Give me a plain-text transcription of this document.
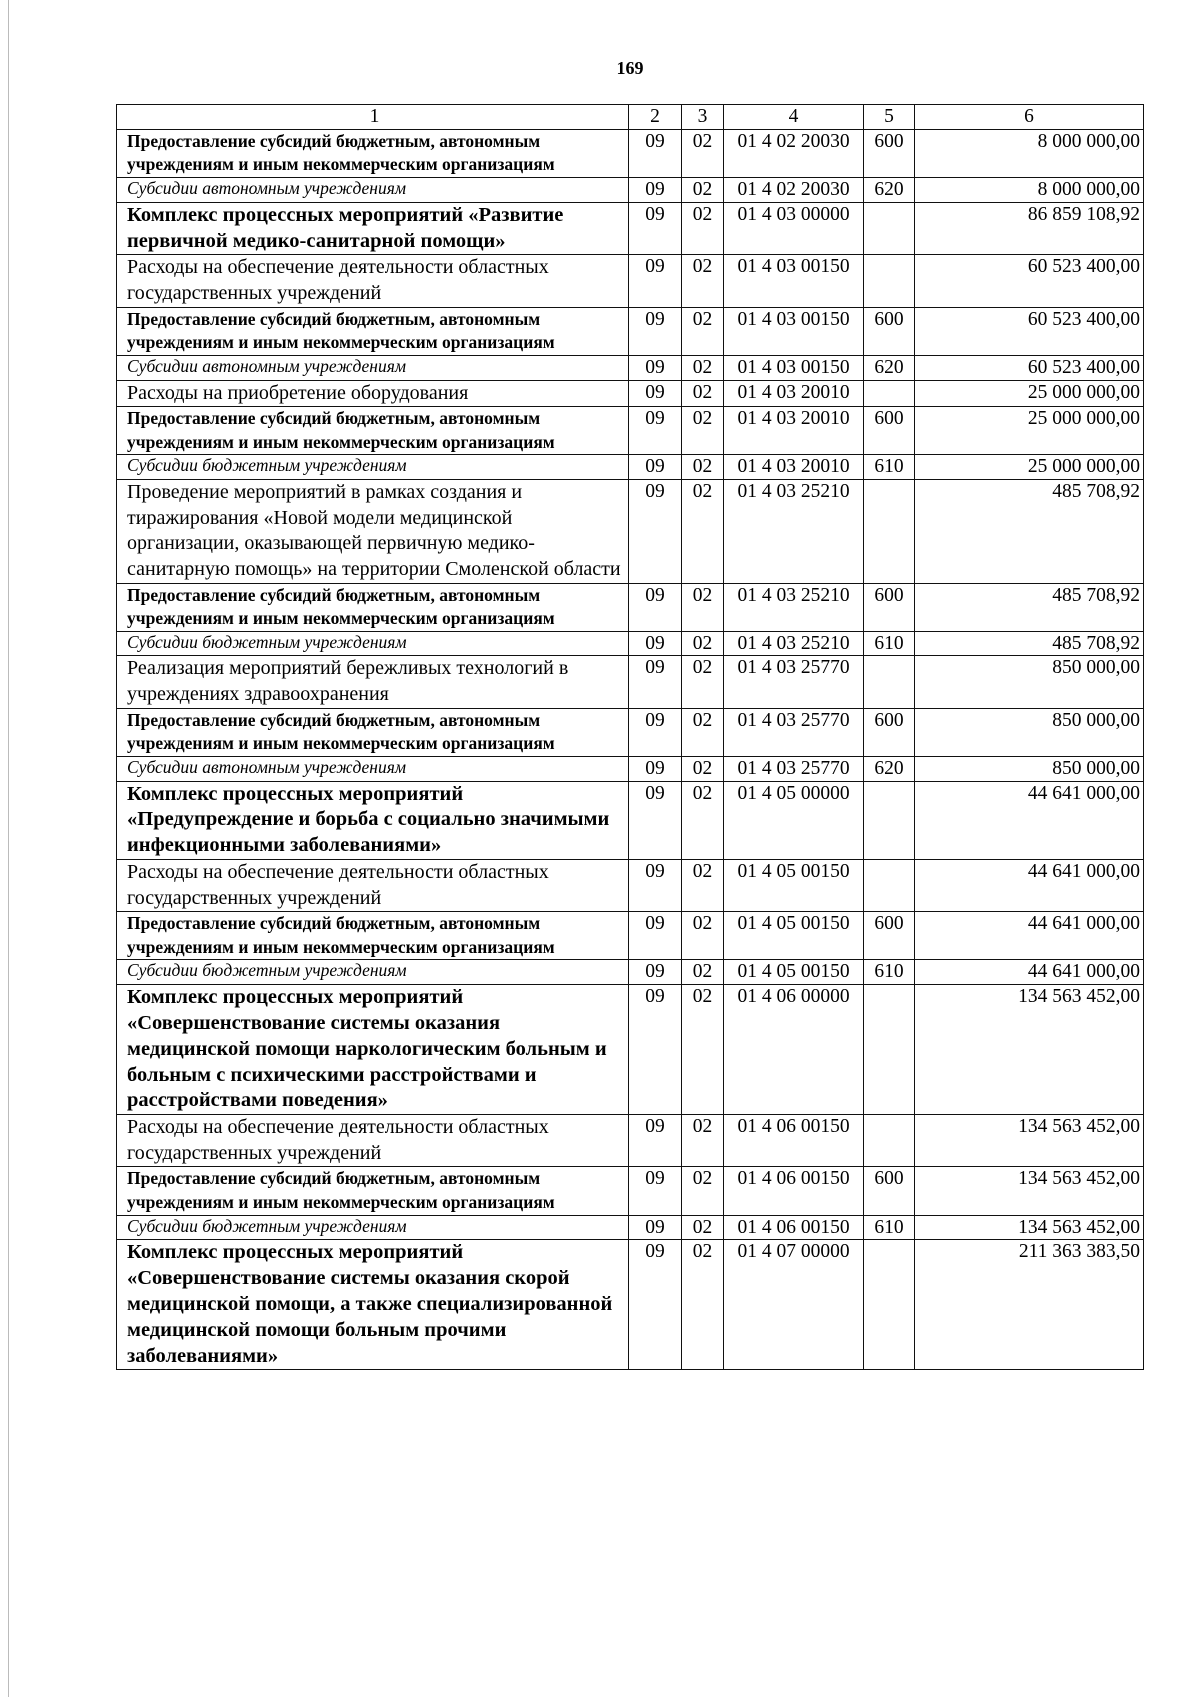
169
1	2	3	4	5	6
Предоставление субсидий бюджетным, автономным учреждениям и иным некоммерческим организациям	09	02	01 4 02 20030	600	8 000 000,00
Субсидии автономным учреждениям	09	02	01 4 02 20030	620	8 000 000,00
Комплекс процессных мероприятий «Развитие первичной медико-санитарной помощи»	09	02	01 4 03 00000		86 859 108,92
Расходы на обеспечение деятельности областных государственных учреждений	09	02	01 4 03 00150		60 523 400,00
Предоставление субсидий бюджетным, автономным учреждениям и иным некоммерческим организациям	09	02	01 4 03 00150	600	60 523 400,00
Субсидии автономным учреждениям	09	02	01 4 03 00150	620	60 523 400,00
Расходы на приобретение оборудования	09	02	01 4 03 20010		25 000 000,00
Предоставление субсидий бюджетным, автономным учреждениям и иным некоммерческим организациям	09	02	01 4 03 20010	600	25 000 000,00
Субсидии бюджетным учреждениям	09	02	01 4 03 20010	610	25 000 000,00
Проведение мероприятий в рамках создания и тиражирования «Новой модели медицинской организации, оказывающей первичную медико-санитарную помощь» на территории Смоленской области	09	02	01 4 03 25210		485 708,92
Предоставление субсидий бюджетным, автономным учреждениям и иным некоммерческим организациям	09	02	01 4 03 25210	600	485 708,92
Субсидии бюджетным учреждениям	09	02	01 4 03 25210	610	485 708,92
Реализация мероприятий бережливых технологий в учреждениях здравоохранения	09	02	01 4 03 25770		850 000,00
Предоставление субсидий бюджетным, автономным учреждениям и иным некоммерческим организациям	09	02	01 4 03 25770	600	850 000,00
Субсидии автономным учреждениям	09	02	01 4 03 25770	620	850 000,00
Комплекс процессных мероприятий «Предупреждение и борьба с социально значимыми инфекционными заболеваниями»	09	02	01 4 05 00000		44 641 000,00
Расходы на обеспечение деятельности областных государственных учреждений	09	02	01 4 05 00150		44 641 000,00
Предоставление субсидий бюджетным, автономным учреждениям и иным некоммерческим организациям	09	02	01 4 05 00150	600	44 641 000,00
Субсидии бюджетным учреждениям	09	02	01 4 05 00150	610	44 641 000,00
Комплекс процессных мероприятий «Совершенствование системы оказания медицинской помощи наркологическим больным и больным с психическими расстройствами и расстройствами поведения»	09	02	01 4 06 00000		134 563 452,00
Расходы на обеспечение деятельности областных государственных учреждений	09	02	01 4 06 00150		134 563 452,00
Предоставление субсидий бюджетным, автономным учреждениям и иным некоммерческим организациям	09	02	01 4 06 00150	600	134 563 452,00
Субсидии бюджетным учреждениям	09	02	01 4 06 00150	610	134 563 452,00
Комплекс процессных мероприятий «Совершенствование системы оказания скорой медицинской помощи, а также специализированной медицинской помощи больным прочими заболеваниями»	09	02	01 4 07 00000		211 363 383,50
